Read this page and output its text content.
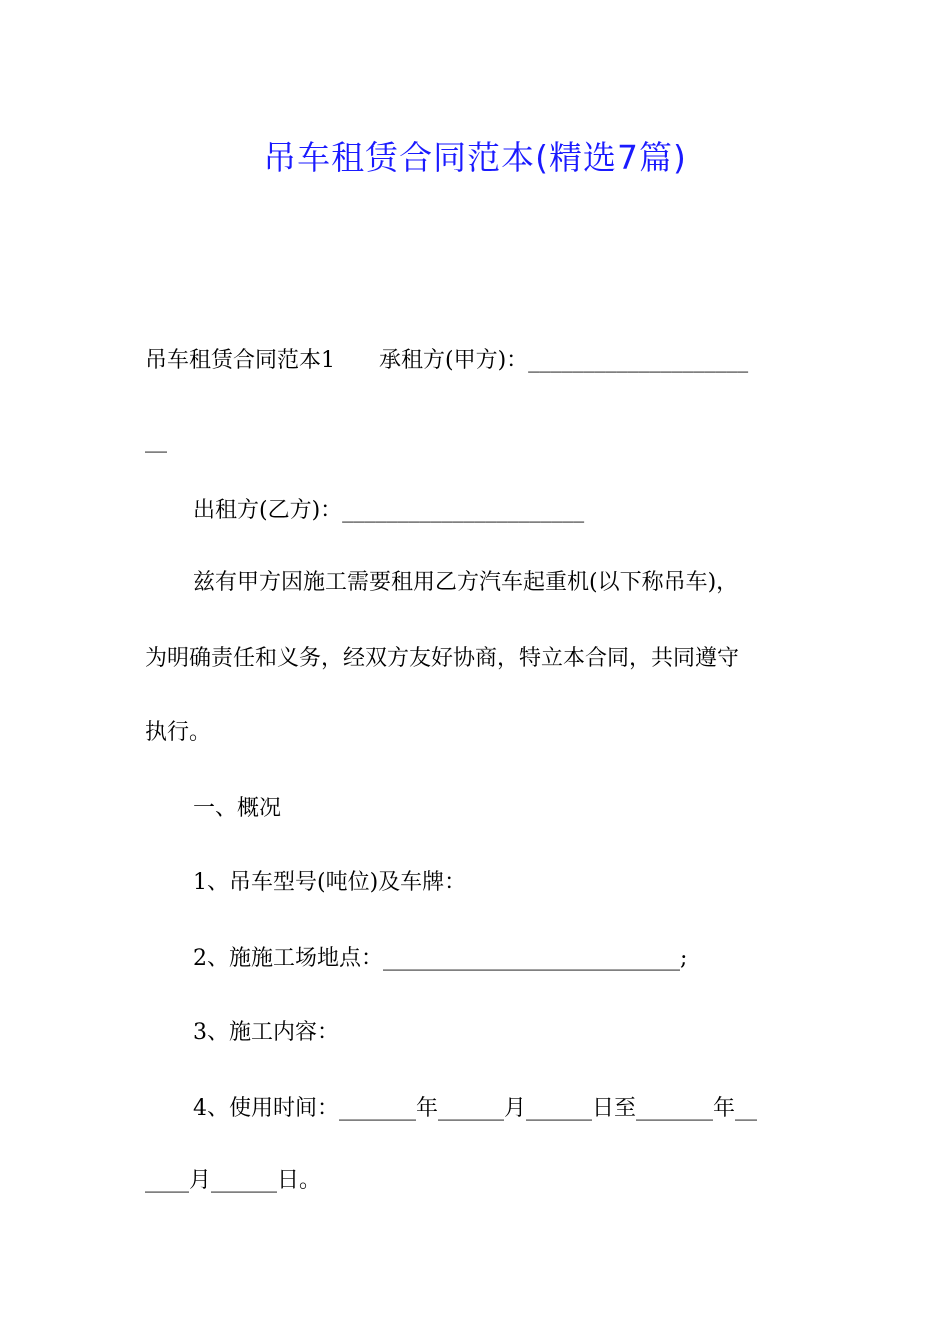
吊车租赁合同范本(精选7篇)
吊车租赁合同范本1　　承租方(甲方)：____________________
__
出租方(乙方)：______________________
兹有甲方因施工需要租用乙方汽车起重机(以下称吊车)，
为明确责任和义务，经双方友好协商，特立本合同，共同遵守
执行。
一、概况
1、吊车型号(吨位)及车牌：
2、施施工场地点：___________________________;
3、施工内容：
4、使用时间：_______年______月______日至_______年__
____月______日。
